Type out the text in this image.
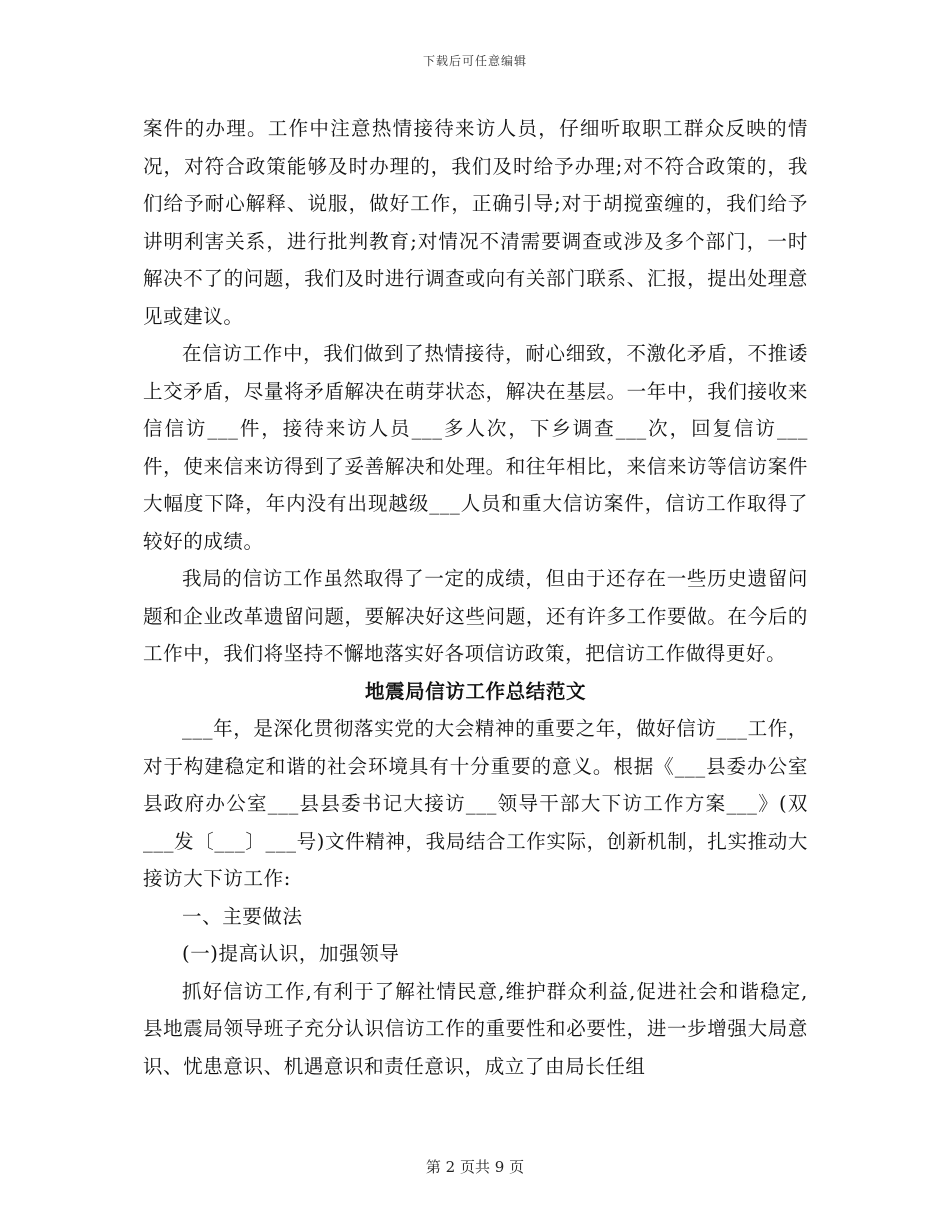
下载后可任意编辑

案件的办理。工作中注意热情接待来访人员，仔细听取职工群众反映的情况，对符合政策能够及时办理的，我们及时给予办理;对不符合政策的，我们给予耐心解释、说服，做好工作，正确引导;对于胡搅蛮缠的，我们给予讲明利害关系，进行批判教育;对情况不清需要调查或涉及多个部门，一时解决不了的问题，我们及时进行调查或向有关部门联系、汇报，提出处理意见或建议。

在信访工作中，我们做到了热情接待，耐心细致，不激化矛盾，不推诿上交矛盾，尽量将矛盾解决在萌芽状态，解决在基层。一年中，我们接收来信信访___件，接待来访人员___多人次，下乡调查___次，回复信访___件，使来信来访得到了妥善解决和处理。和往年相比，来信来访等信访案件大幅度下降，年内没有出现越级___人员和重大信访案件，信访工作取得了较好的成绩。

我局的信访工作虽然取得了一定的成绩，但由于还存在一些历史遗留问题和企业改革遗留问题，要解决好这些问题，还有许多工作要做。在今后的工作中，我们将坚持不懈地落实好各项信访政策，把信访工作做得更好。

地震局信访工作总结范文

___年，是深化贯彻落实党的大会精神的重要之年，做好信访___工作，对于构建稳定和谐的社会环境具有十分重要的意义。根据《___县委办公室县政府办公室___县县委书记大接访___领导干部大下访工作方案___》(双___发〔___〕___号)文件精神，我局结合工作实际，创新机制，扎实推动大接访大下访工作:

一、主要做法

(一)提高认识，加强领导

抓好信访工作,有利于了解社情民意,维护群众利益,促进社会和谐稳定,县地震局领导班子充分认识信访工作的重要性和必要性，进一步增强大局意识、忧患意识、机遇意识和责任意识，成立了由局长任组

第 2 页共 9 页
